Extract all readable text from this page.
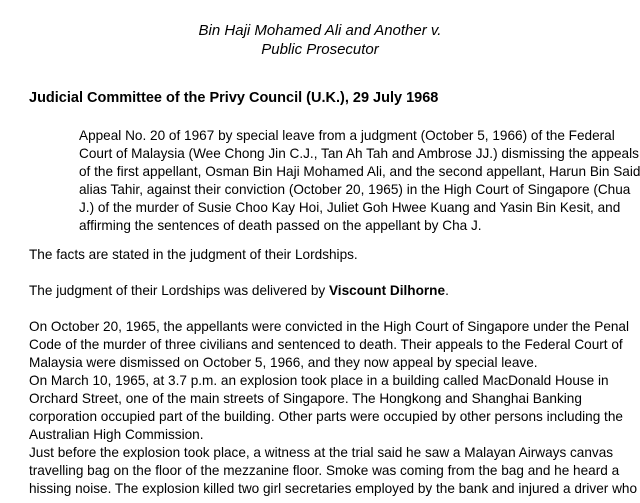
Bin Haji Mohamed Ali and Another v.
Public Prosecutor
Judicial Committee of the Privy Council (U.K.), 29 July 1968
Appeal No. 20 of 1967 by special leave from a judgment (October 5, 1966) of the Federal
Court of Malaysia (Wee Chong Jin C.J., Tan Ah Tah and Ambrose JJ.) dismissing the appeals
of the first appellant, Osman Bin Haji Mohamed Ali, and the second appellant, Harun Bin Said
alias Tahir, against their conviction (October 20, 1965) in the High Court of Singapore (Chua
J.) of the murder of Susie Choo Kay Hoi, Juliet Goh Hwee Kuang and Yasin Bin Kesit, and
affirming the sentences of death passed on the appellant by Cha J.
The facts are stated in the judgment of their Lordships.
The judgment of their Lordships was delivered by Viscount Dilhorne.
On October 20, 1965, the appellants were convicted in the High Court of Singapore under the Penal
Code of the murder of three civilians and sentenced to death. Their appeals to the Federal Court of
Malaysia were dismissed on October 5, 1966, and they now appeal by special leave.
On March 10, 1965, at 3.7 p.m. an explosion took place in a building called MacDonald House in
Orchard Street, one of the main streets of Singapore. The Hongkong and Shanghai Banking
corporation occupied part of the building. Other parts were occupied by other persons including the
Australian High Commission.
Just before the explosion took place, a witness at the trial said he saw a Malayan Airways canvas
travelling bag on the floor of the mezzanine floor. Smoke was coming from the bag and he heard a
hissing noise. The explosion killed two girl secretaries employed by the bank and injured a driver who
